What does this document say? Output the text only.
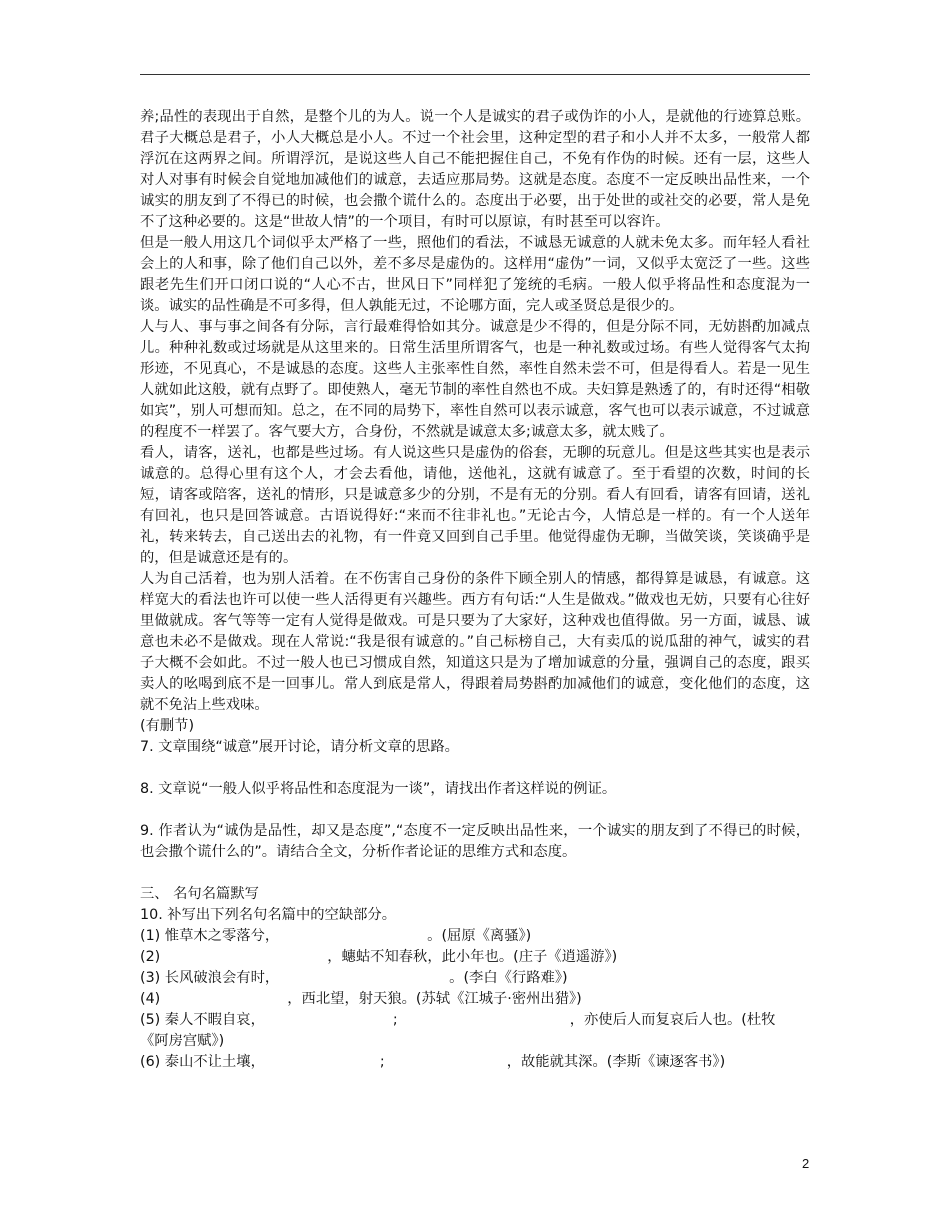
养;品性的表现出于自然，是整个儿的为人。说一个人是诚实的君子或伪诈的小人，是就他的行迹算总账。君子大概总是君子，小人大概总是小人。不过一个社会里，这种定型的君子和小人并不太多，一般常人都浮沉在这两界之间。所谓浮沉，是说这些人自己不能把握住自己，不免有作伪的时候。还有一层，这些人对人对事有时候会自觉地加减他们的诚意，去适应那局势。这就是态度。态度不一定反映出品性来，一个诚实的朋友到了不得已的时候，也会撒个谎什么的。态度出于必要，出于处世的或社交的必要，常人是免不了这种必要的。这是“世故人情”的一个项目，有时可以原谅，有时甚至可以容许。

但是一般人用这几个词似乎太严格了一些，照他们的看法，不诚恳无诚意的人就未免太多。而年轻人看社会上的人和事，除了他们自己以外，差不多尽是虚伪的。这样用“虚伪”一词，又似乎太宽泛了一些。这些跟老先生们开口闭口说的“人心不古，世风日下”同样犯了笼统的毛病。一般人似乎将品性和态度混为一谈。诚实的品性确是不可多得，但人孰能无过，不论哪方面，完人或圣贤总是很少的。

人与人、事与事之间各有分际，言行最难得恰如其分。诚意是少不得的，但是分际不同，无妨斟酌加减点儿。种种礼数或过场就是从这里来的。日常生活里所谓客气，也是一种礼数或过场。有些人觉得客气太拘形迹，不见真心，不是诚恳的态度。这些人主张率性自然，率性自然未尝不可，但是得看人。若是一见生人就如此这般，就有点野了。即使熟人，毫无节制的率性自然也不成。夫妇算是熟透了的，有时还得“相敬如宾”，别人可想而知。总之，在不同的局势下，率性自然可以表示诚意，客气也可以表示诚意，不过诚意的程度不一样罢了。客气要大方，合身份，不然就是诚意太多;诚意太多，就太贱了。

看人，请客，送礼，也都是些过场。有人说这些只是虚伪的俗套，无聊的玩意儿。但是这些其实也是表示诚意的。总得心里有这个人，才会去看他，请他，送他礼，这就有诚意了。至于看望的次数，时间的长短，请客或陪客，送礼的情形，只是诚意多少的分别，不是有无的分别。看人有回看，请客有回请，送礼有回礼，也只是回答诚意。古语说得好:“来而不往非礼也。”无论古今，人情总是一样的。有一个人送年礼，转来转去，自己送出去的礼物，有一件竟又回到自己手里。他觉得虚伪无聊，当做笑谈，笑谈确乎是的，但是诚意还是有的。

人为自己活着，也为别人活着。在不伤害自己身份的条件下顾全别人的情感，都得算是诚恳，有诚意。这样宽大的看法也许可以使一些人活得更有兴趣些。西方有句话:“人生是做戏。”做戏也无妨，只要有心往好里做就成。客气等等一定有人觉得是做戏。可是只要为了大家好，这种戏也值得做。另一方面，诚恳、诚意也未必不是做戏。现在人常说:“我是很有诚意的。”自己标榜自己，大有卖瓜的说瓜甜的神气，诚实的君子大概不会如此。不过一般人也已习惯成自然，知道这只是为了增加诚意的分量，强调自己的态度，跟买卖人的吆喝到底不是一回事儿。常人到底是常人，得跟着局势斟酌加减他们的诚意，变化他们的态度，这就不免沾上些戏味。

(有删节)

7. 文章围绕“诚意”展开讨论，请分析文章的思路。

8. 文章说“一般人似乎将品性和态度混为一谈”，请找出作者这样说的例证。

9. 作者认为“诚伪是品性，却又是态度”,“态度不一定反映出品性来，一个诚实的朋友到了不得已的时候，也会撒个谎什么的”。请结合全文，分析作者论证的思维方式和态度。

三、 名句名篇默写

10. 补写出下列名句名篇中的空缺部分。

(1) 惟草木之零落兮，	。(屈原《离骚》)

(2)	，蟪蛄不知春秋，此小年也。(庄子《逍遥游》)

(3) 长风破浪会有时，	。(李白《行路难》)

(4)	，西北望，射天狼。(苏轼《江城子·密州出猎》)

(5) 秦人不暇自哀，	;	，亦使后人而复哀后人也。(杜牧

《阿房宫赋》)

(6) 泰山不让土壤，	;	，故能就其深。(李斯《谏逐客书》)

2
